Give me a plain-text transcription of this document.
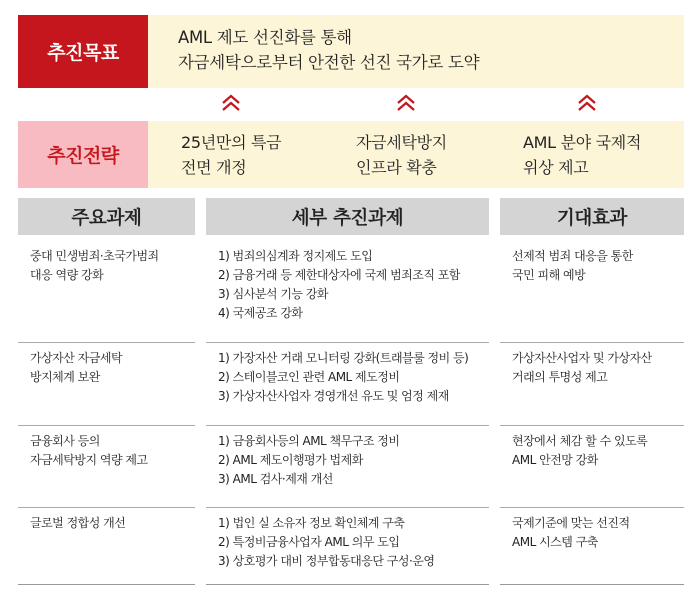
추진목표
AML 제도 선진화를 통해
자금세탁으로부터 안전한 선진 국가로 도약
추진전략
25년만의 특금
전면 개정
자금세탁방지
인프라 확충
AML 분야 국제적
위상 제고
주요과제
중대 민생범죄·초국가범죄
대응 역량 강화
가상자산 자금세탁
방지체계 보완
금융회사 등의
자금세탁방지 역량 제고
글로벌 정합성 개선
세부 추진과제
1) 범죄의심계좌 정지제도 도입
2) 금융거래 등 제한대상자에 국제 범죄조직 포함
3) 심사분석 기능 강화
4) 국제공조 강화
1) 가장자산 거래 모니터링 강화(트래블룰 정비 등)
2) 스테이블코인 관련 AML 제도정비
3) 가상자산사업자 경영개선 유도 및 엄정 제재
1) 금융회사등의 AML 책무구조 정비
2) AML 제도이행평가 법제화
3) AML 검사·제재 개선
1) 법인 실 소유자 정보 확인체계 구축
2) 특정비금융사업자 AML 의무 도입
3) 상호평가 대비 정부합동대응단 구성·운영
기대효과
선제적 범죄 대응을 통한
국민 피해 예방
가상자산사업자 및 가상자산
거래의 투명성 제고
현장에서 체감 할 수 있도록
AML 안전망 강화
국제기준에 맞는 선진적
AML 시스템 구축
